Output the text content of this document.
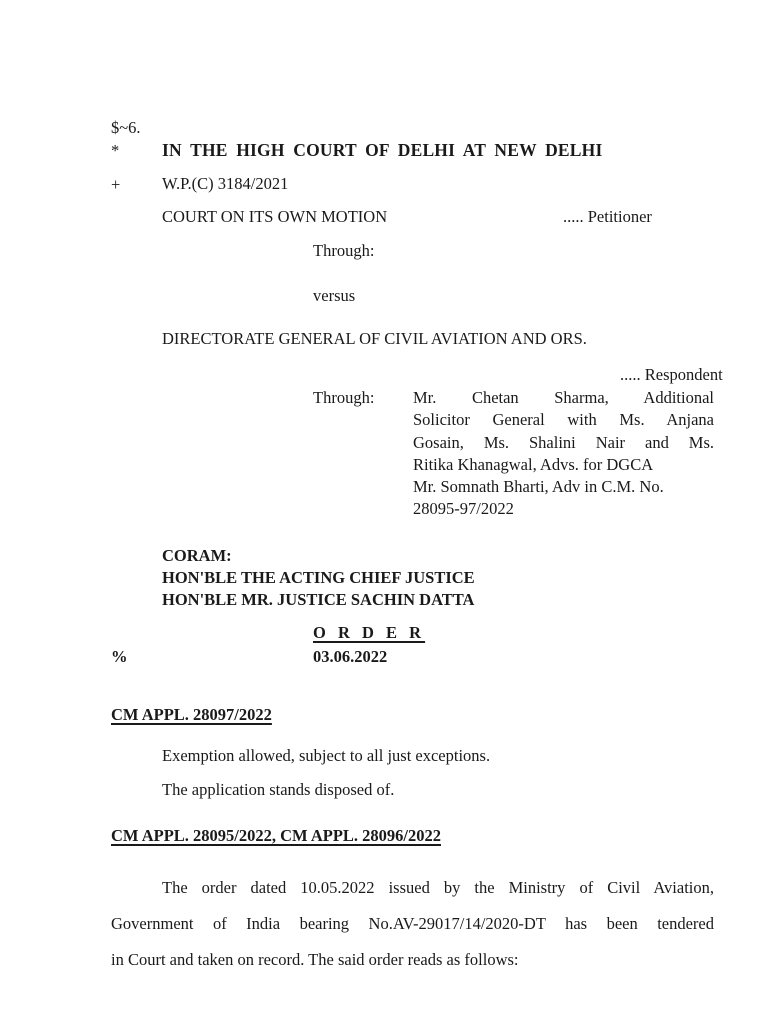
$~6.
* IN THE HIGH COURT OF DELHI AT NEW DELHI
+	W.P.(C) 3184/2021
COURT ON ITS OWN MOTION	..... Petitioner
Through:
versus
DIRECTORATE GENERAL OF CIVIL AVIATION AND ORS.
..... Respondent
Through: Mr. Chetan Sharma, Additional
Solicitor General with Ms. Anjana
Gosain, Ms. Shalini Nair and Ms.
Ritika Khanagwal, Advs. for DGCA
Mr. Somnath Bharti, Adv in C.M. No.
28095-97/2022
CORAM:
HON'BLE THE ACTING CHIEF JUSTICE
HON'BLE MR. JUSTICE SACHIN DATTA
O R D E R
%	03.06.2022
CM APPL. 28097/2022
Exemption allowed, subject to all just exceptions.
The application stands disposed of.
CM APPL. 28095/2022, CM APPL. 28096/2022
The order dated 10.05.2022 issued by the Ministry of Civil Aviation,
Government of India bearing No.AV-29017/14/2020-DT has been tendered
in Court and taken on record. The said order reads as follows:
